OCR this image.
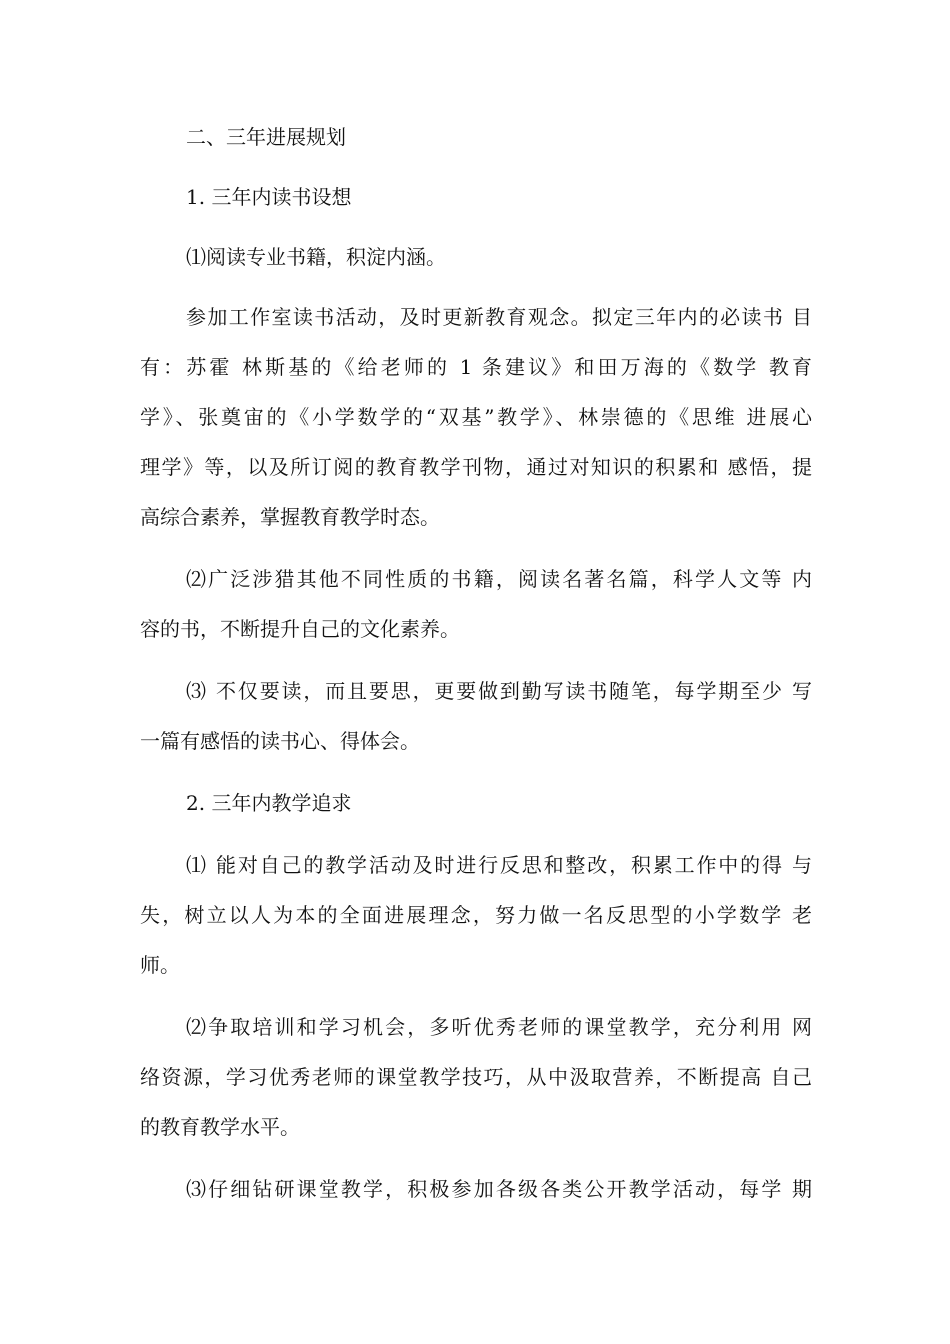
二、三年进展规划
1. 三年内读书设想
⑴阅读专业书籍，积淀内涵。
参加工作室读书活动，及时更新教育观念。拟定三年内的必读书 目
有：苏霍 林斯基的《给老师的 1 条建议》和田万海的《数学 教育
学》、张奠宙的《小学数学的“双基”教学》、林崇德的《思维 进展心
理学》等，以及所订阅的教育教学刊物，通过对知识的积累和 感悟，提
高综合素养，掌握教育教学时态。
⑵广泛涉猎其他不同性质的书籍，阅读名著名篇，科学人文等 内
容的书，不断提升自己的文化素养。
⑶ 不仅要读，而且要思，更要做到勤写读书随笔，每学期至少 写
一篇有感悟的读书心、得体会。
2. 三年内教学追求
⑴ 能对自己的教学活动及时进行反思和整改，积累工作中的得 与
失，树立以人为本的全面进展理念，努力做一名反思型的小学数学 老
师。
⑵争取培训和学习机会，多听优秀老师的课堂教学，充分利用 网
络资源，学习优秀老师的课堂教学技巧，从中汲取营养，不断提高 自己
的教育教学水平。
⑶仔细钻研课堂教学，积极参加各级各类公开教学活动，每学 期
